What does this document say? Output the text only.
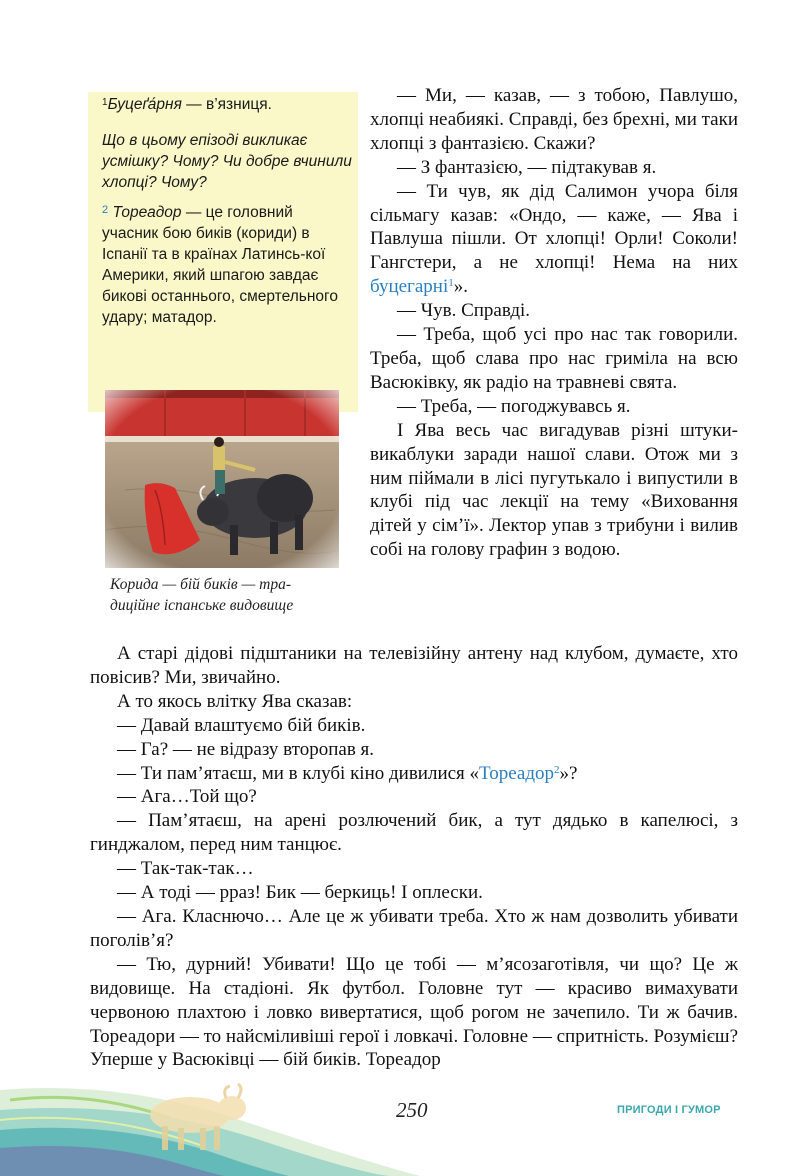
$^1$Буцеґа́рня — в’язниця.

Що в цьому епізоді викликає усмішку? Чому? Чи добре вчинили хлопці? Чому?

$^2$ Тореадор — це головний учасник бою биків (кориди) в Іспанії та в країнах Латинсь-кої Америки, який шпагою завдає бикові останнього, смертельного удару; матадор.

Корида — бій биків — тра-

диційне іспанське видовище

— Ми, — казав, — з тобою, Павлушо, хлопці неабиякі. Справді, без брехні, ми таки хлопці з фантазією. Скажи?

— З фантазією, — підтакував я.

— Ти чув, як дід Салимон учора біля сільмагу казав: «Ондо, — каже, — Ява і Павлуша пішли. От хлопці! Орли! Соколи! Гангстери, а не хлопці! Нема на них буцегарні$^1$».

— Чув. Справді.

— Треба, щоб усі про нас так говорили. Треба, щоб слава про нас гриміла на всю Васюківку, як радіо на травневі свята.

— Треба, — погоджувавсь я.

І Ява весь час вигадував різні штуки-викаблуки заради нашої слави. Отож ми з ним піймали в лісі пугутькало і випустили в клубі під час лекції на тему «Виховання дітей у сім’ї». Лектор упав з трибуни і вилив собі на голову графин з водою.

А старі дідові підштаники на телевізійну антену над клубом, думаєте, хто повісив? Ми, звичайно.

А то якось влітку Ява сказав:

— Давай влаштуємо бій биків.

— Га? — не відразу второпав я.

— Ти пам’ятаєш, ми в клубі кіно дивилися «Тореадор$^2$»?

— Ага…Той що?

— Пам’ятаєш, на арені розлючений бик, а тут дядько в капелюсі, з гинджалом, перед ним танцює.

— Так-так-так…

— А тоді — рраз! Бик — беркиць! І оплески.

— Ага. Класнючо… Але це ж убивати треба. Хто ж нам дозволить убивати поголів’я?

— Тю, дурний! Убивати! Що це тобі — м’ясозаготівля, чи що? Це ж видовище. На стадіоні. Як футбол. Головне тут — красиво вимахувати червоною плахтою і ловко вивертатися, щоб рогом не зачепило. Ти ж бачив. Тореадори — то найсміливіші герої і ловкачі. Головне — спритність. Розумієш? Уперше у Васюківці — бій биків. Тореадор

250	ПРИГОДИ І ГУМОР
